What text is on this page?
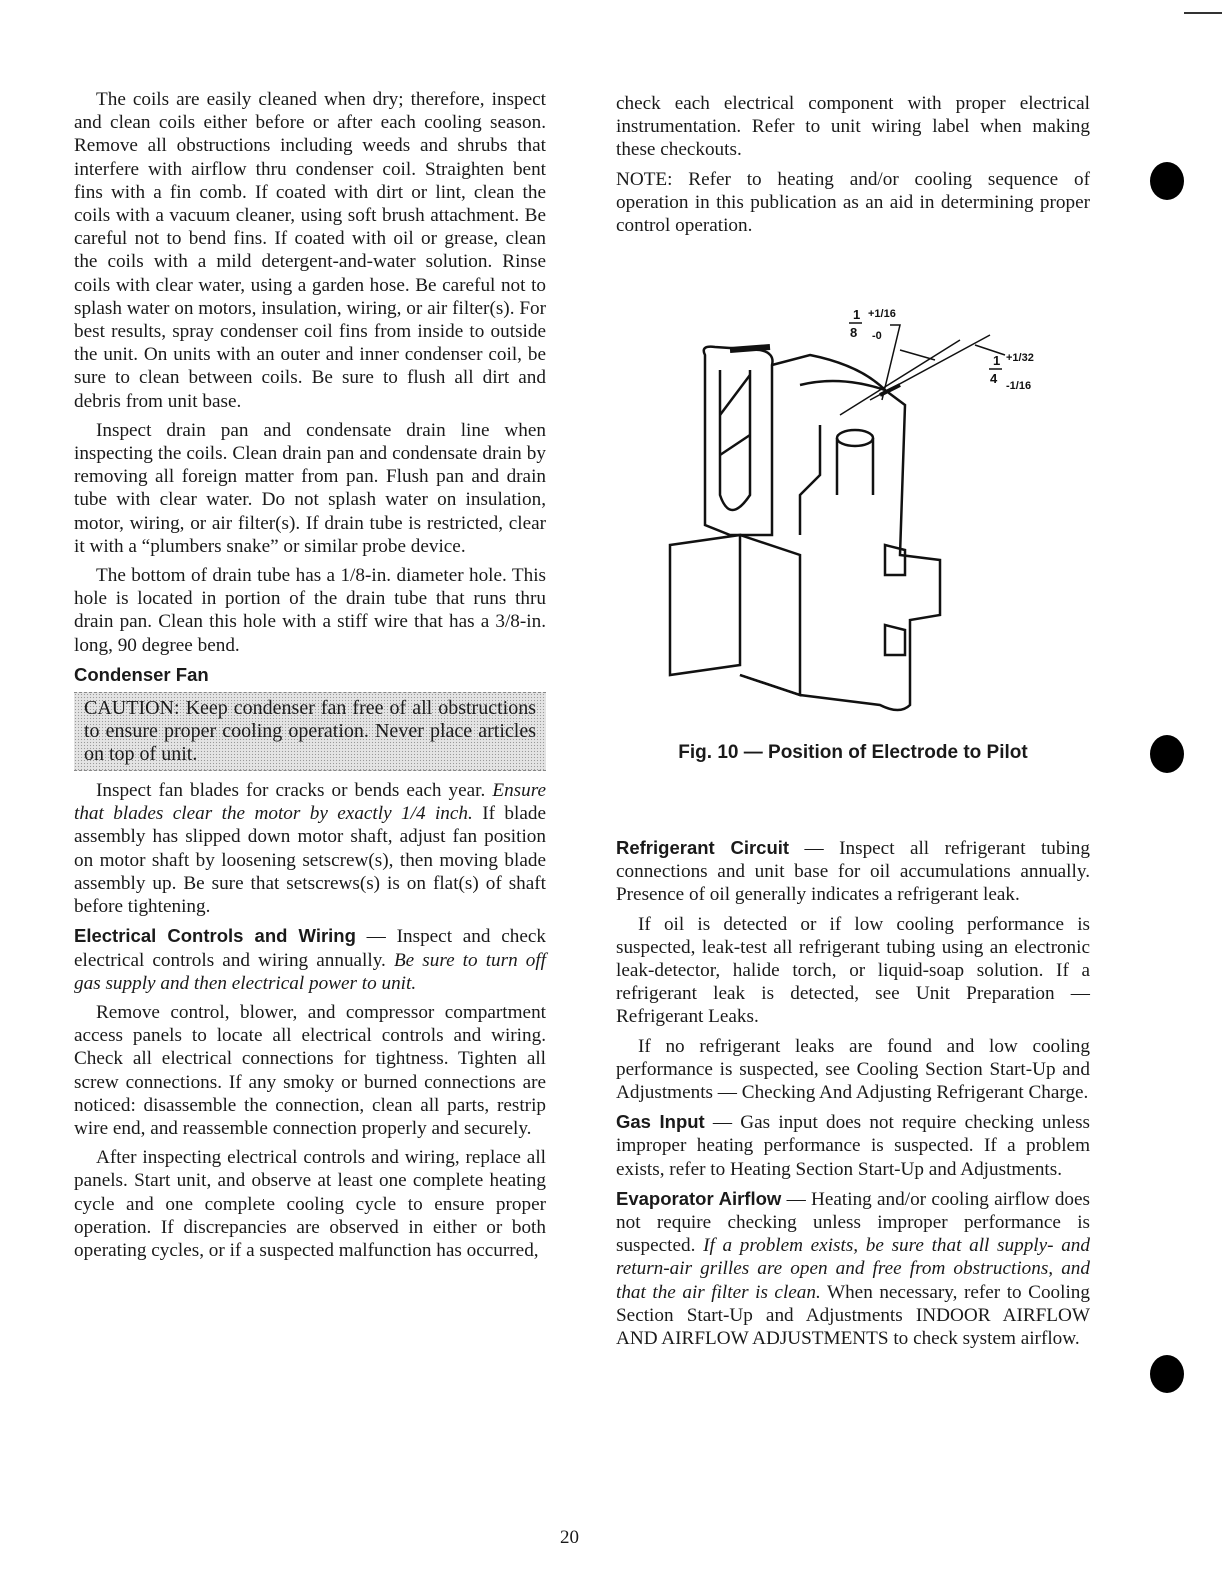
The coils are easily cleaned when dry; therefore, inspect and clean coils either before or after each cooling season. Remove all obstructions including weeds and shrubs that interfere with airflow thru condenser coil. Straighten bent fins with a fin comb. If coated with dirt or lint, clean the coils with a vacuum cleaner, using soft brush attachment. Be careful not to bend fins. If coated with oil or grease, clean the coils with a mild detergent-and-water solution. Rinse coils with clear water, using a garden hose. Be careful not to splash water on motors, insulation, wiring, or air filter(s). For best results, spray condenser coil fins from inside to outside the unit. On units with an outer and inner condenser coil, be sure to clean between coils. Be sure to flush all dirt and debris from unit base.

Inspect drain pan and condensate drain line when inspecting the coils. Clean drain pan and condensate drain by removing all foreign matter from pan. Flush pan and drain tube with clear water. Do not splash water on insulation, motor, wiring, or air filter(s). If drain tube is restricted, clear it with a “plumbers snake” or similar probe device.

The bottom of drain tube has a 1/8-in. diameter hole. This hole is located in portion of the drain tube that runs thru drain pan. Clean this hole with a stiff wire that has a 3/8-in. long, 90 degree bend.

Condenser Fan
CAUTION: Keep condenser fan free of all obstructions to ensure proper cooling operation. Never place articles on top of unit.

Inspect fan blades for cracks or bends each year. Ensure that blades clear the motor by exactly 1/4 inch. If blade assembly has slipped down motor shaft, adjust fan position on motor shaft by loosening setscrew(s), then moving blade assembly up. Be sure that setscrews(s) is on flat(s) of shaft before tightening.

Electrical Controls and Wiring — Inspect and check electrical controls and wiring annually. Be sure to turn off gas supply and then electrical power to unit.

Remove control, blower, and compressor compartment access panels to locate all electrical controls and wiring. Check all electrical connections for tightness. Tighten all screw connections. If any smoky or burned connections are noticed: disassemble the connection, clean all parts, restrip wire end, and reassemble connection properly and securely.

After inspecting electrical controls and wiring, replace all panels. Start unit, and observe at least one complete heating cycle and one complete cooling cycle to ensure proper operation. If discrepancies are observed in either or both operating cycles, or if a suspected malfunction has occurred,

check each electrical component with proper electrical instrumentation. Refer to unit wiring label when making these checkouts.

NOTE: Refer to heating and/or cooling sequence of operation in this publication as an aid in determining proper control operation.

1
8
+1/16
-0
1
4
+1/32
-1/16
Fig. 10 — Position of Electrode to Pilot

Refrigerant Circuit — Inspect all refrigerant tubing connections and unit base for oil accumulations annually. Presence of oil generally indicates a refrigerant leak.

If oil is detected or if low cooling performance is suspected, leak-test all refrigerant tubing using an electronic leak-detector, halide torch, or liquid-soap solution. If a refrigerant leak is detected, see Unit Preparation — Refrigerant Leaks.

If no refrigerant leaks are found and low cooling performance is suspected, see Cooling Section Start-Up and Adjustments — Checking And Adjusting Refrigerant Charge.

Gas Input — Gas input does not require checking unless improper heating performance is suspected. If a problem exists, refer to Heating Section Start-Up and Adjustments.

Evaporator Airflow — Heating and/or cooling airflow does not require checking unless improper performance is suspected. If a problem exists, be sure that all supply- and return-air grilles are open and free from obstructions, and that the air filter is clean. When necessary, refer to Cooling Section Start-Up and Adjustments INDOOR AIRFLOW AND AIRFLOW ADJUSTMENTS to check system airflow.

20
